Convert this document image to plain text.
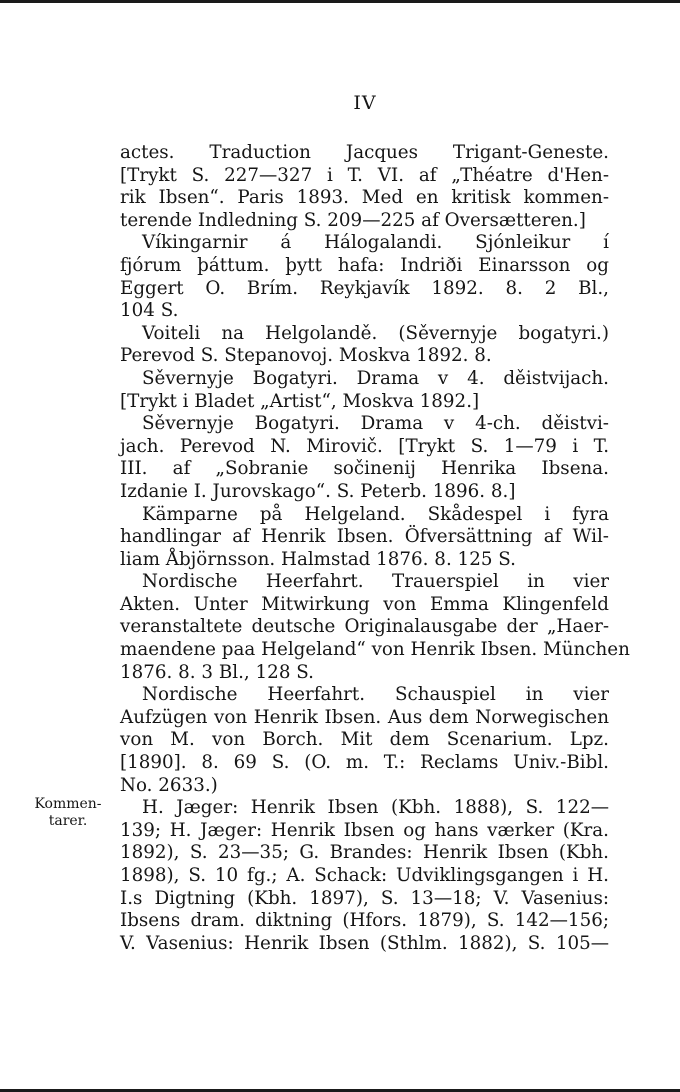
IV
actes. Traduction Jacques Trigant-Geneste.
[Trykt S. 227—327 i T. VI. af „Théatre d'Hen-
rik Ibsen“. Paris 1893. Med en kritisk kommen-
terende Indledning S. 209—225 af Oversætteren.]
Víkingarnir á Hálogalandi. Sjónleikur í
fjórum þáttum. þytt hafa: Indriði Einarsson og
Eggert O. Brím. Reykjavík 1892. 8. 2 Bl.,
104 S.
Voiteli na Helgolandě. (Sěvernyje bogatyri.)
Perevod S. Stepanovoj. Moskva 1892. 8.
Sěvernyje Bogatyri. Drama v 4. děistvijach.
[Trykt i Bladet „Artist“, Moskva 1892.]
Sěvernyje Bogatyri. Drama v 4-ch. děistvi-
jach. Perevod N. Mirovič. [Trykt S. 1—79 i T.
III. af „Sobranie sočinenij Henrika Ibsena.
Izdanie I. Jurovskago“. S. Peterb. 1896. 8.]
Kämparne på Helgeland. Skådespel i fyra
handlingar af Henrik Ibsen. Öfversättning af Wil-
liam Åbjörnsson. Halmstad 1876. 8. 125 S.
Nordische Heerfahrt. Trauerspiel in vier
Akten. Unter Mitwirkung von Emma Klingenfeld
veranstaltete deutsche Originalausgabe der „Haer-
maendene paa Helgeland“ von Henrik Ibsen. München
1876. 8. 3 Bl., 128 S.
Nordische Heerfahrt. Schauspiel in vier
Aufzügen von Henrik Ibsen. Aus dem Norwegischen
von M. von Borch. Mit dem Scenarium. Lpz.
[1890]. 8. 69 S. (O. m. T.: Reclams Univ.-Bibl.
No. 2633.)
H. Jæger: Henrik Ibsen (Kbh. 1888), S. 122—
139; H. Jæger: Henrik Ibsen og hans værker (Kra.
1892), S. 23—35; G. Brandes: Henrik Ibsen (Kbh.
1898), S. 10 fg.; A. Schack: Udviklingsgangen i H.
I.s Digtning (Kbh. 1897), S. 13—18; V. Vasenius:
Ibsens dram. diktning (Hfors. 1879), S. 142—156;
V. Vasenius: Henrik Ibsen (Sthlm. 1882), S. 105—
Kommen-
tarer.
